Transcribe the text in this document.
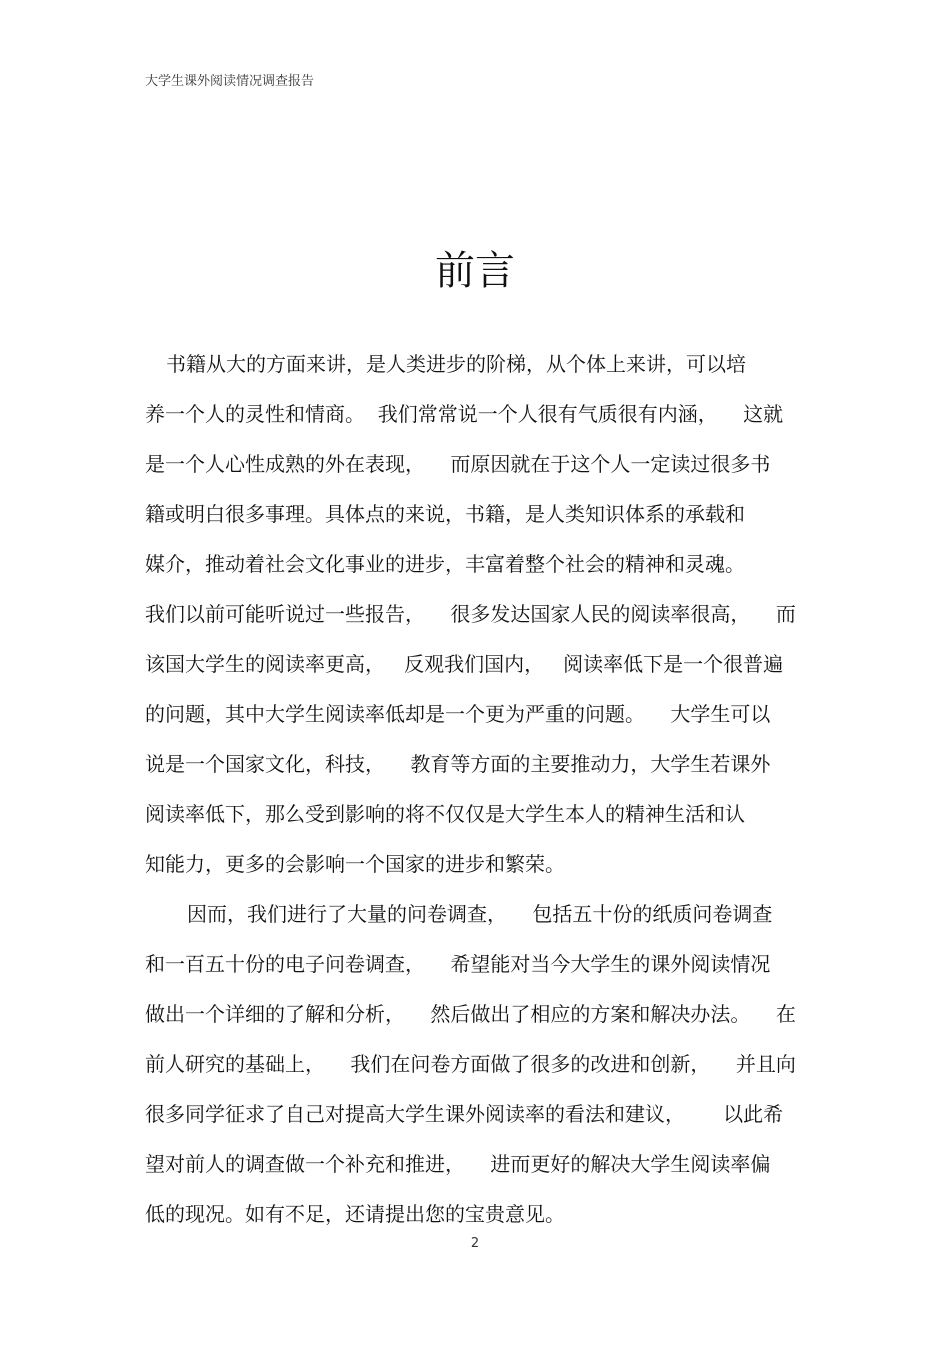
大学生课外阅读情况调查报告
前言
书籍从大的方面来讲，是人类进步的阶梯，从个体上来讲，可以培
养一个人的灵性和情商。  我们常常说一个人很有气质很有内涵，    这就
是一个人心性成熟的外在表现，    而原因就在于这个人一定读过很多书
籍或明白很多事理。具体点的来说，书籍，是人类知识体系的承载和
媒介，推动着社会文化事业的进步，丰富着整个社会的精神和灵魂。
我们以前可能听说过一些报告，    很多发达国家人民的阅读率很高，    而
该国大学生的阅读率更高，   反观我们国内，   阅读率低下是一个很普遍
的问题，其中大学生阅读率低却是一个更为严重的问题。    大学生可以
说是一个国家文化，科技，    教育等方面的主要推动力，大学生若课外
阅读率低下，那么受到影响的将不仅仅是大学生本人的精神生活和认
知能力，更多的会影响一个国家的进步和繁荣。
因而，我们进行了大量的问卷调查，    包括五十份的纸质问卷调查
和一百五十份的电子问卷调查，    希望能对当今大学生的课外阅读情况
做出一个详细的了解和分析，    然后做出了相应的方案和解决办法。    在
前人研究的基础上，    我们在问卷方面做了很多的改进和创新，    并且向
很多同学征求了自己对提高大学生课外阅读率的看法和建议，      以此希
望对前人的调查做一个补充和推进，    进而更好的解决大学生阅读率偏
低的现况。如有不足，还请提出您的宝贵意见。
2
